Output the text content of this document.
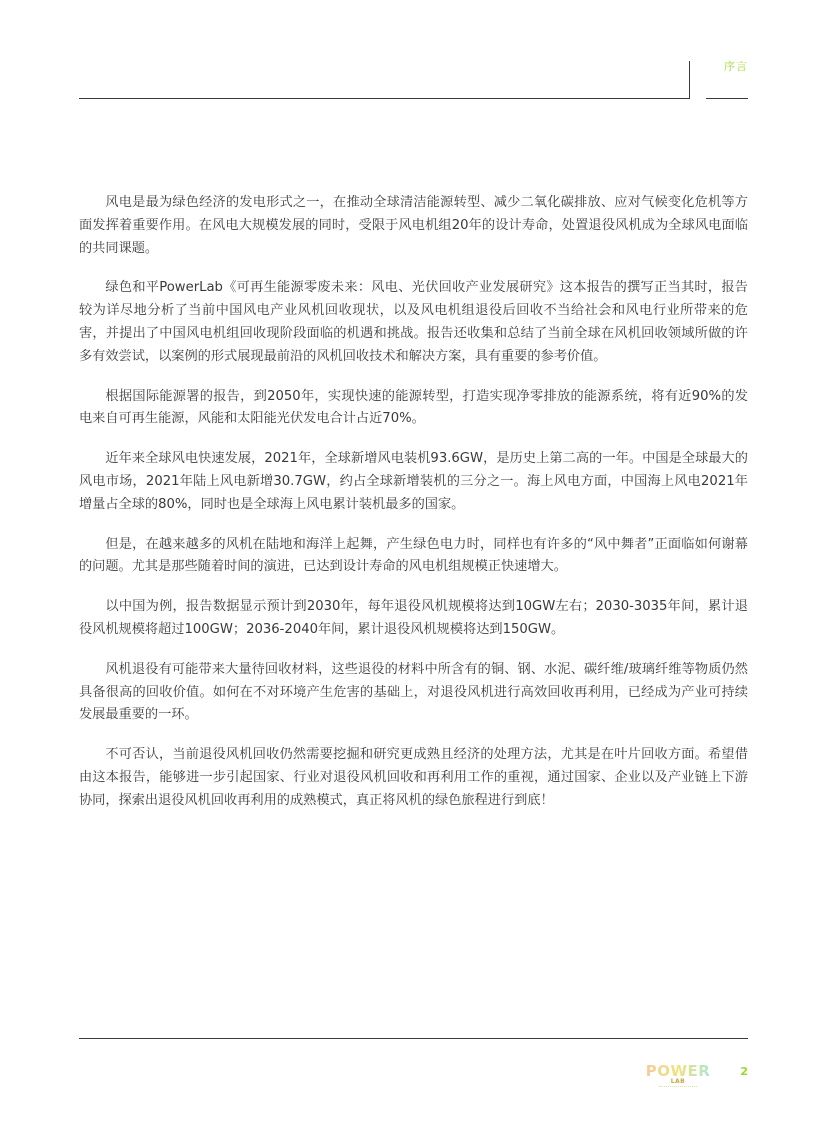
序言

风电是最为绿色经济的发电形式之一，在推动全球清洁能源转型、减少二氧化碳排放、应对气候变化危机等方面发挥着重要作用。在风电大规模发展的同时，受限于风电机组20年的设计寿命，处置退役风机成为全球风电面临的共同课题。

绿色和平PowerLab《可再生能源零废未来：风电、光伏回收产业发展研究》这本报告的撰写正当其时，报告较为详尽地分析了当前中国风电产业风机回收现状，以及风电机组退役后回收不当给社会和风电行业所带来的危害，并提出了中国风电机组回收现阶段面临的机遇和挑战。报告还收集和总结了当前全球在风机回收领域所做的许多有效尝试，以案例的形式展现最前沿的风机回收技术和解决方案，具有重要的参考价值。

根据国际能源署的报告，到2050年，实现快速的能源转型，打造实现净零排放的能源系统，将有近90%的发电来自可再生能源，风能和太阳能光伏发电合计占近70%。

近年来全球风电快速发展，2021年，全球新增风电装机93.6GW，是历史上第二高的一年。中国是全球最大的风电市场，2021年陆上风电新增30.7GW，约占全球新增装机的三分之一。海上风电方面，中国海上风电2021年增量占全球的80%，同时也是全球海上风电累计装机最多的国家。

但是，在越来越多的风机在陆地和海洋上起舞，产生绿色电力时，同样也有许多的“风中舞者”正面临如何谢幕的问题。尤其是那些随着时间的演进，已达到设计寿命的风电机组规模正快速增大。

以中国为例，报告数据显示预计到2030年，每年退役风机规模将达到10GW左右；2030-3035年间，累计退役风机规模将超过100GW；2036-2040年间，累计退役风机规模将达到150GW。

风机退役有可能带来大量待回收材料，这些退役的材料中所含有的铜、钢、水泥、碳纤维/玻璃纤维等物质仍然具备很高的回收价值。如何在不对环境产生危害的基础上，对退役风机进行高效回收再利用，已经成为产业可持续发展最重要的一环。

不可否认，当前退役风机回收仍然需要挖掘和研究更成熟且经济的处理方法，尤其是在叶片回收方面。希望借由这本报告，能够进一步引起国家、行业对退役风机回收和再利用工作的重视，通过国家、企业以及产业链上下游协同，探索出退役风机回收再利用的成熟模式，真正将风机的绿色旅程进行到底！

POWER
LAB
2
